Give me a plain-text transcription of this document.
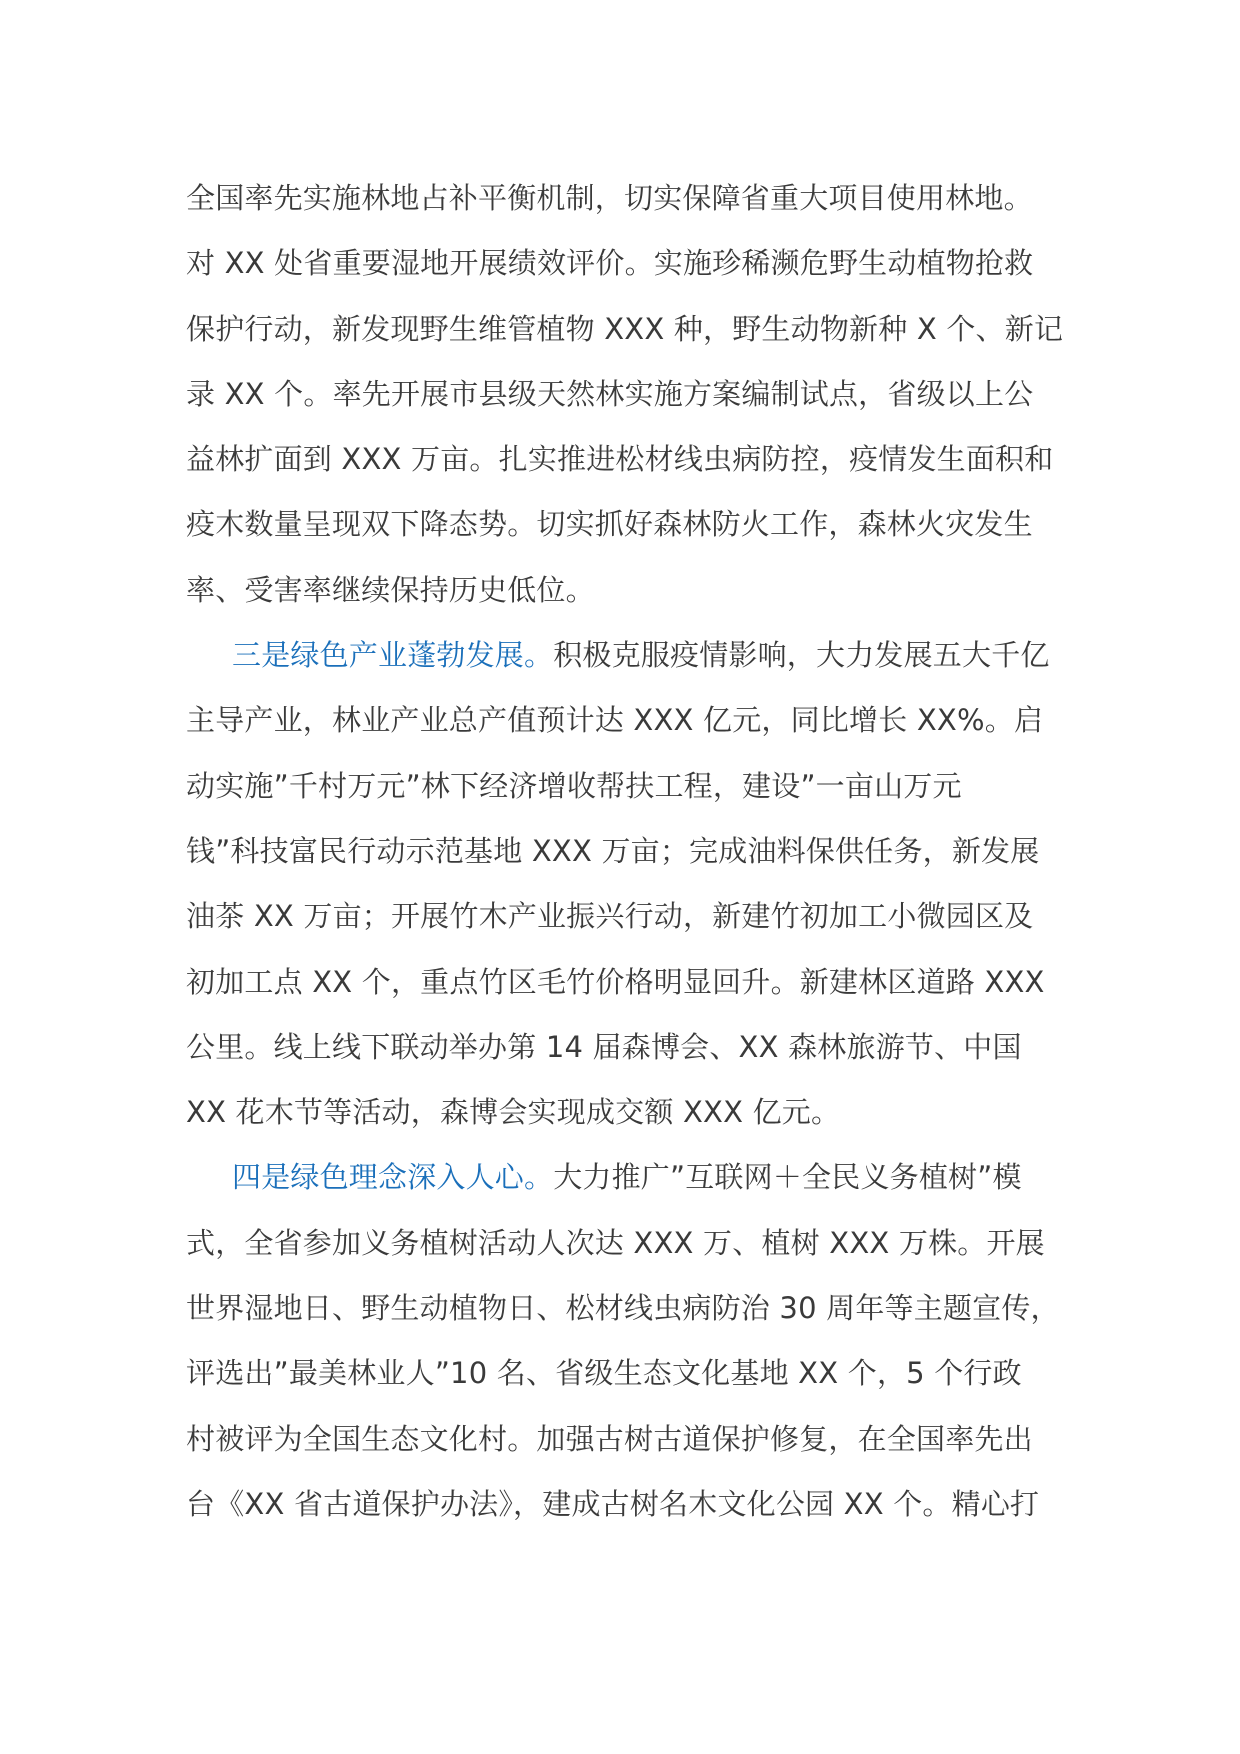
全国率先实施林地占补平衡机制，切实保障省重大项目使用林地。
对 XX 处省重要湿地开展绩效评价。实施珍稀濒危野生动植物抢救
保护行动，新发现野生维管植物 XXX 种，野生动物新种 X 个、新记
录 XX 个。率先开展市县级天然林实施方案编制试点，省级以上公
益林扩面到 XXX 万亩。扎实推进松材线虫病防控，疫情发生面积和
疫木数量呈现双下降态势。切实抓好森林防火工作，森林火灾发生
率、受害率继续保持历史低位。
三是绿色产业蓬勃发展。积极克服疫情影响，大力发展五大千亿
主导产业，林业产业总产值预计达 XXX 亿元，同比增长 XX%。启
动实施”千村万元”林下经济增收帮扶工程，建设”一亩山万元
钱”科技富民行动示范基地 XXX 万亩；完成油料保供任务，新发展
油茶 XX 万亩；开展竹木产业振兴行动，新建竹初加工小微园区及
初加工点 XX 个，重点竹区毛竹价格明显回升。新建林区道路 XXX
公里。线上线下联动举办第 14 届森博会、XX 森林旅游节、中国
XX 花木节等活动，森博会实现成交额 XXX 亿元。
四是绿色理念深入人心。大力推广”互联网＋全民义务植树”模
式，全省参加义务植树活动人次达 XXX 万、植树 XXX 万株。开展
世界湿地日、野生动植物日、松材线虫病防治 30 周年等主题宣传，
评选出”最美林业人”10 名、省级生态文化基地 XX 个，5 个行政
村被评为全国生态文化村。加强古树古道保护修复，在全国率先出
台《XX 省古道保护办法》，建成古树名木文化公园 XX 个。精心打
